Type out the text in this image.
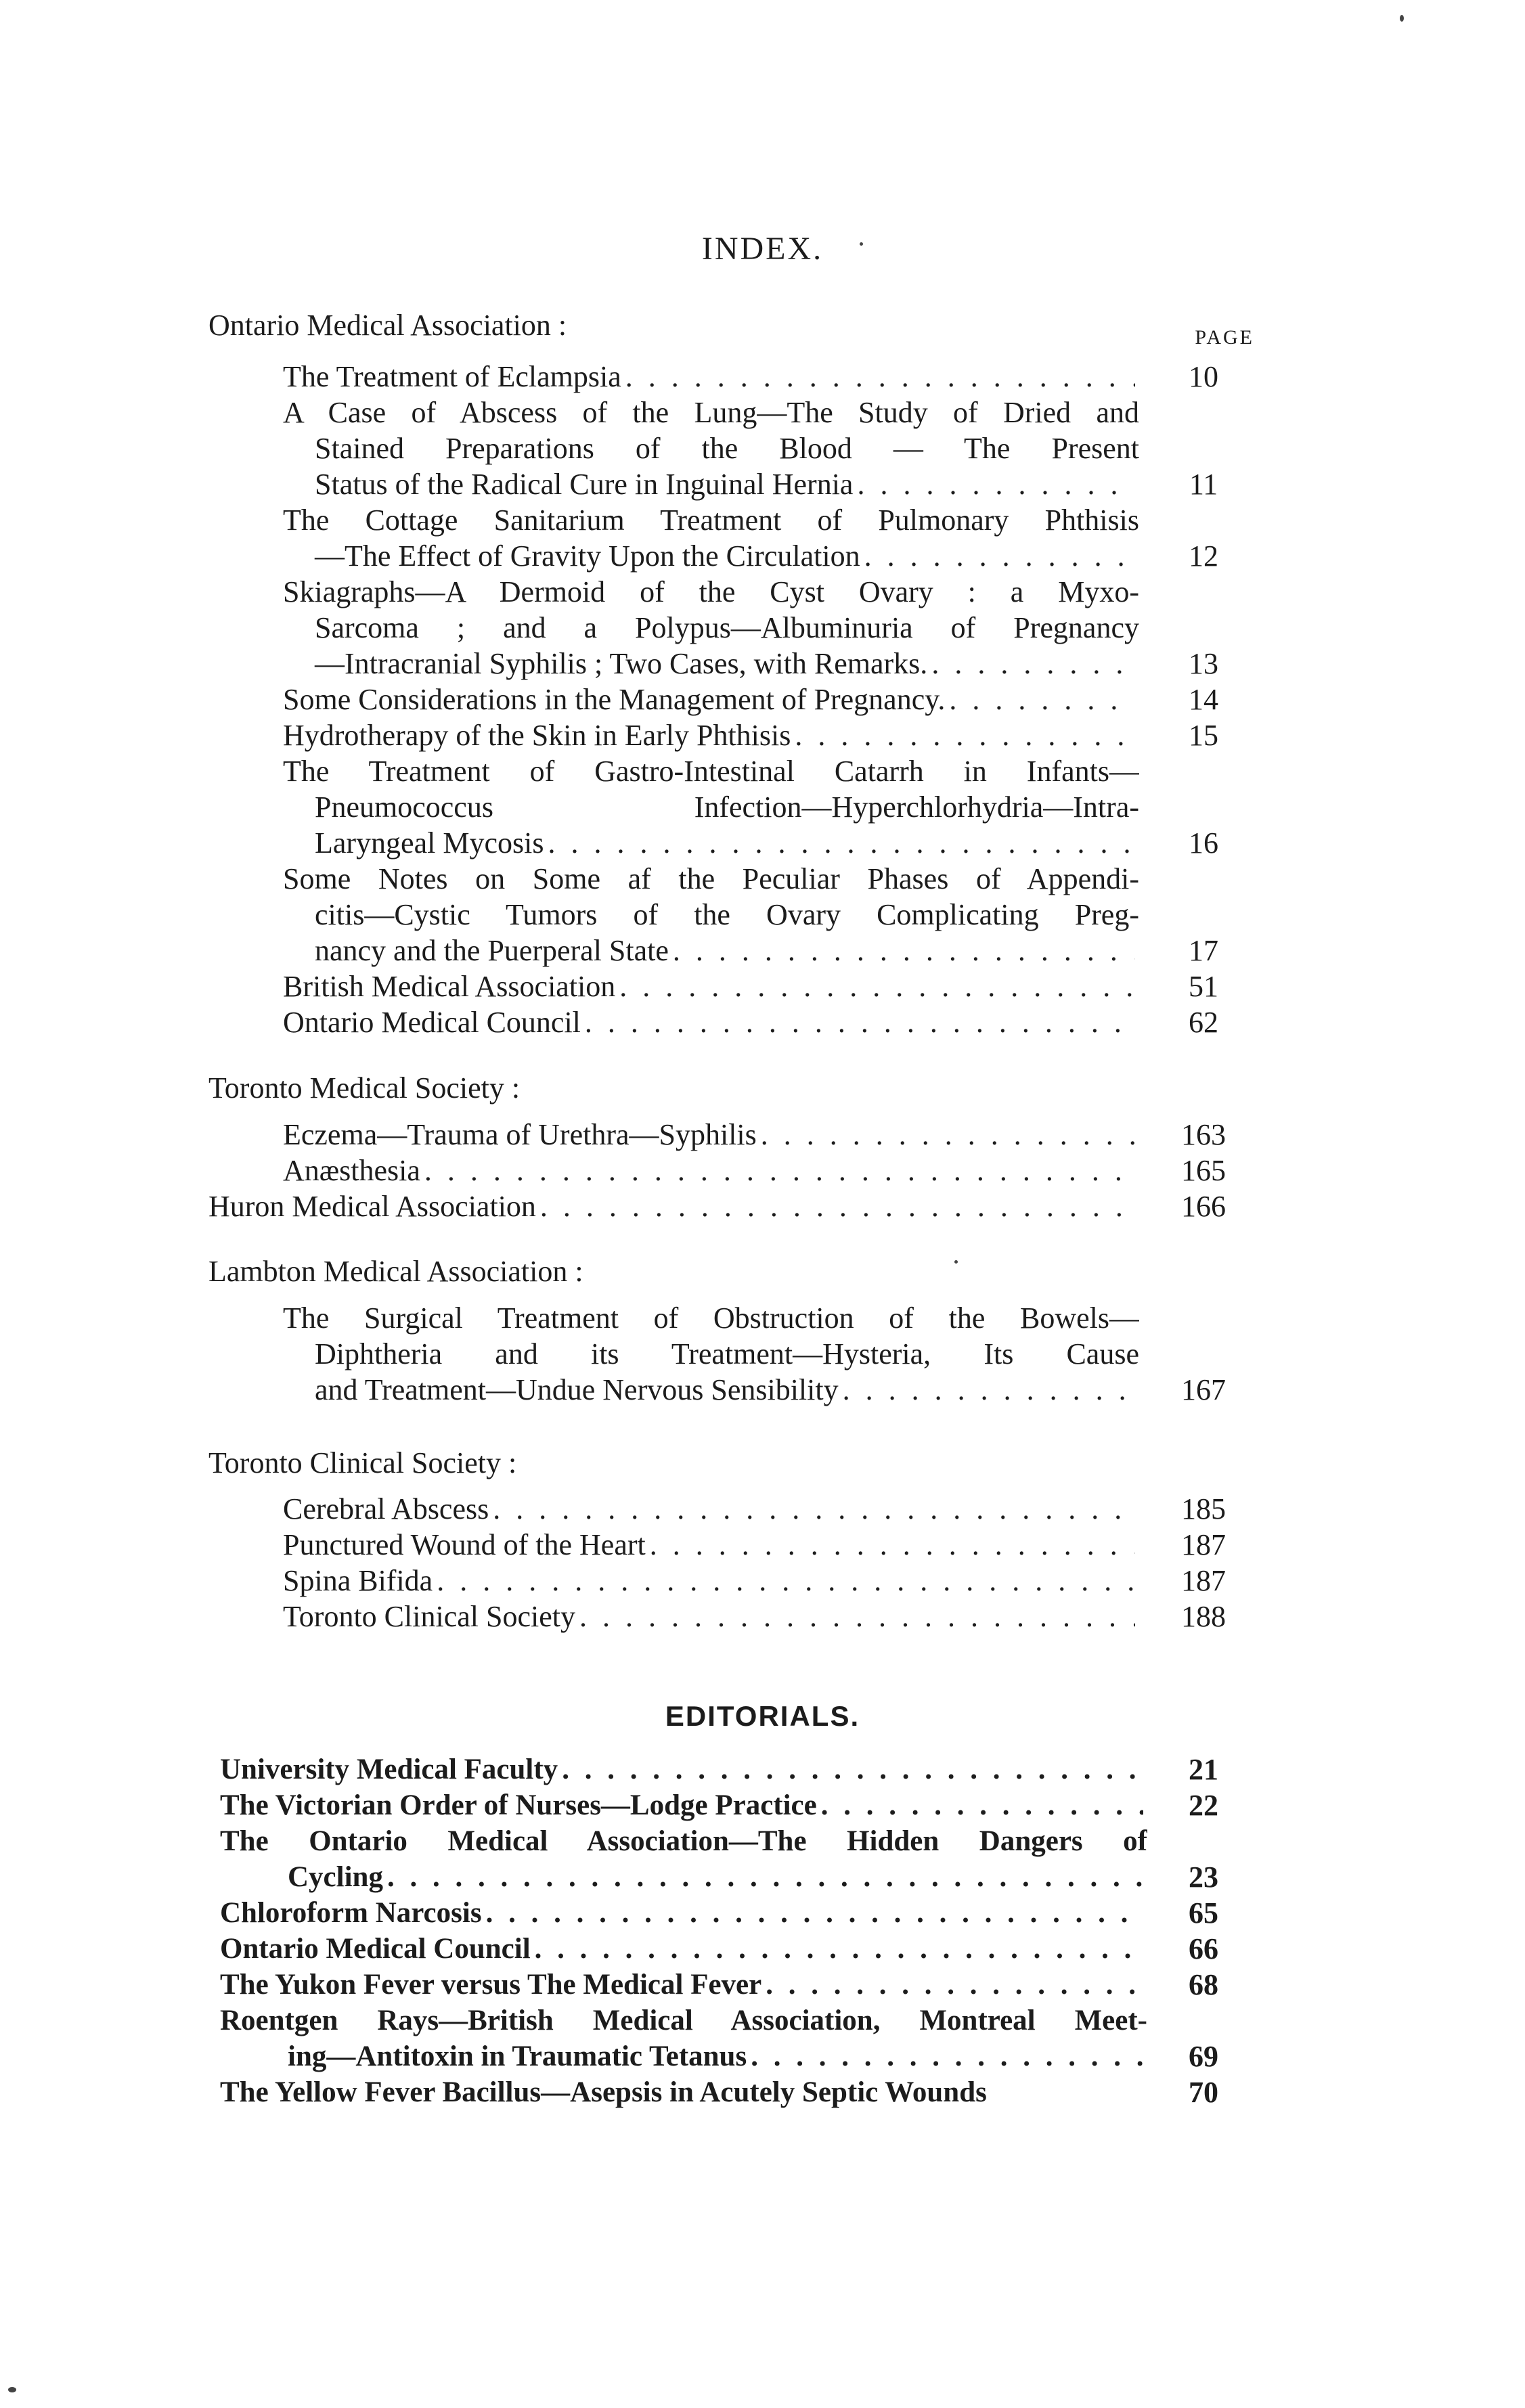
INDEX.
PAGE
Ontario Medical Association :
The Treatment of Eclampsia . . .	10
A Case of Abscess of the Lung—The Study of Dried and
Stained Preparations of the Blood — The Present
Status of the Radical Cure in Inguinal Hernia . . .	11
The Cottage Sanitarium Treatment of Pulmonary Phthisis
—The Effect of Gravity Upon the Circulation . . .	12
Skiagraphs—A Dermoid of the Cyst Ovary : a Myxo-
Sarcoma ; and a Polypus—Albuminuria of Pregnancy
—Intracranial Syphilis ; Two Cases, with Remarks. . . .	13
Some Considerations in the Management of Pregnancy. . . .	14
Hydrotherapy of the Skin in Early Phthisis . . .	15
The Treatment of Gastro-Intestinal Catarrh in Infants—
Pneumococcus Infection—Hyperchlorhydria—Intra-
Laryngeal Mycosis . . .	16
Some Notes on Some af the Peculiar Phases of Appendi-
citis—Cystic Tumors of the Ovary Complicating Preg-
nancy and the Puerperal State . . .	17
British Medical Association . . .	51
Ontario Medical Council . . .	62
Toronto Medical Society :
Eczema—Trauma of Urethra—Syphilis . . .	163
Anæsthesia . . .	165
Huron Medical Association . . .	166
Lambton Medical Association :
The Surgical Treatment of Obstruction of the Bowels—
Diphtheria and its Treatment—Hysteria, Its Cause
and Treatment—Undue Nervous Sensibility . . .	167
Toronto Clinical Society :
Cerebral Abscess . . .	185
Punctured Wound of the Heart . . .	187
Spina Bifida . . .	187
Toronto Clinical Society . . .	188
EDITORIALS.
University Medical Faculty . . .	21
The Victorian Order of Nurses—Lodge Practice . . .	22
The Ontario Medical Association—The Hidden Dangers of
Cycling . . .	23
Chloroform Narcosis . . .	65
Ontario Medical Council . . .	66
The Yukon Fever versus The Medical Fever . . .	68
Roentgen Rays—British Medical Association, Montreal Meet-
ing—Antitoxin in Traumatic Tetanus . . .	69
The Yellow Fever Bacillus—Asepsis in Acutely Septic Wounds	70
